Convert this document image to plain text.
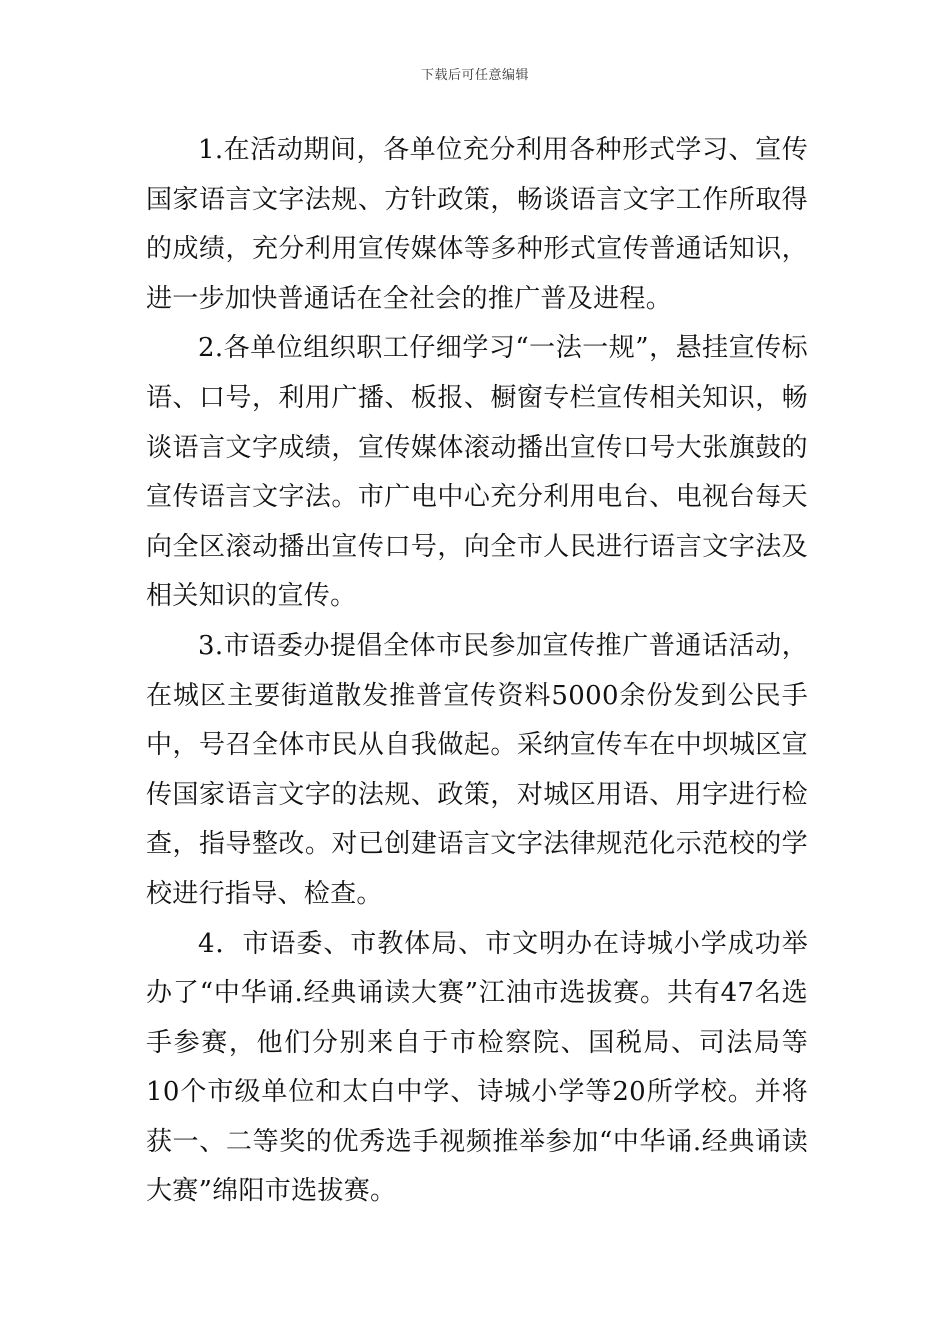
下载后可任意编辑

1.在活动期间，各单位充分利用各种形式学习、宣传国家语言文字法规、方针政策，畅谈语言文字工作所取得的成绩，充分利用宣传媒体等多种形式宣传普通话知识，进一步加快普通话在全社会的推广普及进程。

2.各单位组织职工仔细学习“一法一规”，悬挂宣传标语、口号，利用广播、板报、橱窗专栏宣传相关知识，畅谈语言文字成绩，宣传媒体滚动播出宣传口号大张旗鼓的宣传语言文字法。市广电中心充分利用电台、电视台每天向全区滚动播出宣传口号，向全市人民进行语言文字法及相关知识的宣传。

3.市语委办提倡全体市民参加宣传推广普通话活动，在城区主要街道散发推普宣传资料5000余份发到公民手中，号召全体市民从自我做起。采纳宣传车在中坝城区宣传国家语言文字的法规、政策，对城区用语、用字进行检查，指导整改。对已创建语言文字法律规范化示范校的学校进行指导、检查。

4．市语委、市教体局、市文明办在诗城小学成功举办了“中华诵.经典诵读大赛”江油市选拔赛。共有47名选手参赛，他们分别来自于市检察院、国税局、司法局等10个市级单位和太白中学、诗城小学等20所学校。并将获一、二等奖的优秀选手视频推举参加“中华诵.经典诵读大赛”绵阳市选拔赛。
